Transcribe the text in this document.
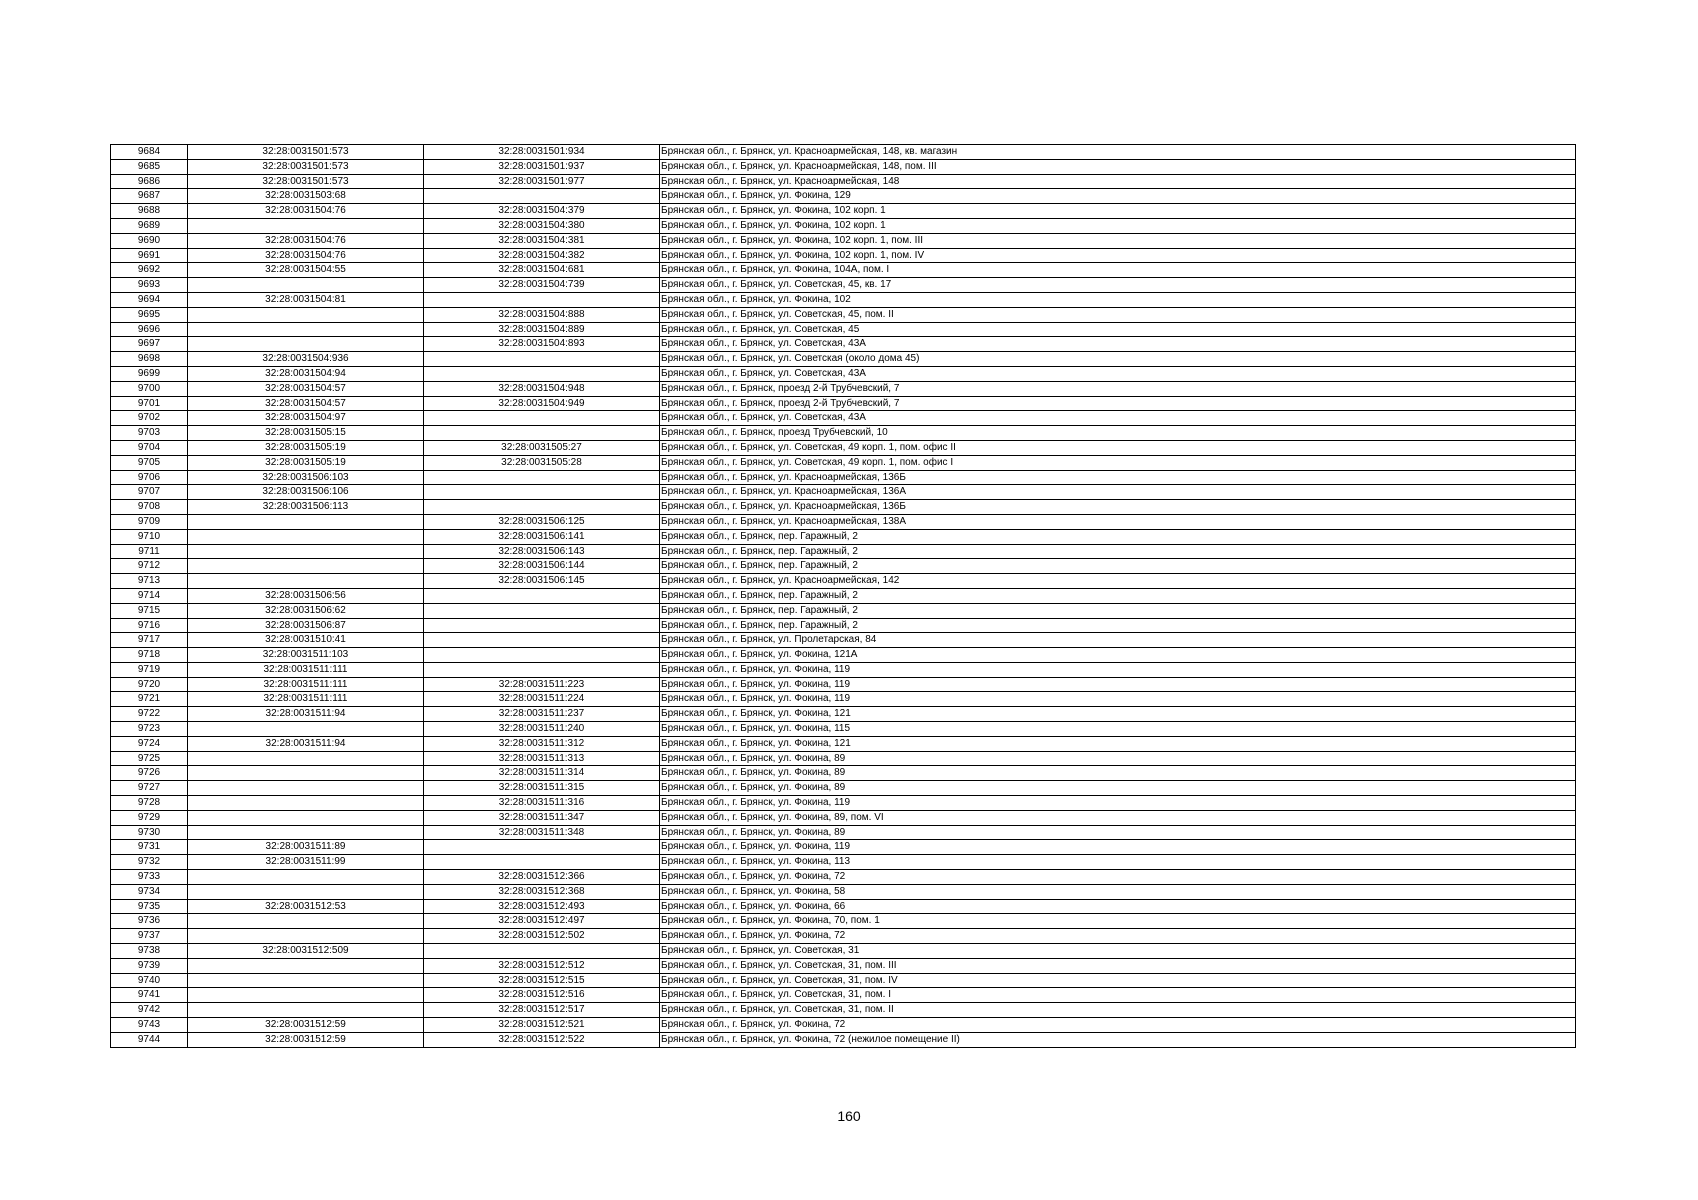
9684	32:28:0031501:573	32:28:0031501:934	Брянская обл., г. Брянск, ул. Красноармейская, 148, кв. магазин
9685	32:28:0031501:573	32:28:0031501:937	Брянская обл., г. Брянск, ул. Красноармейская, 148, пом. III
9686	32:28:0031501:573	32:28:0031501:977	Брянская обл., г. Брянск, ул. Красноармейская, 148
9687	32:28:0031503:68		Брянская обл., г. Брянск, ул. Фокина, 129
9688	32:28:0031504:76	32:28:0031504:379	Брянская обл., г. Брянск, ул. Фокина, 102 корп. 1
9689		32:28:0031504:380	Брянская обл., г. Брянск, ул. Фокина, 102 корп. 1
9690	32:28:0031504:76	32:28:0031504:381	Брянская обл., г. Брянск, ул. Фокина, 102 корп. 1, пом. III
9691	32:28:0031504:76	32:28:0031504:382	Брянская обл., г. Брянск, ул. Фокина, 102 корп. 1, пом. IV
9692	32:28:0031504:55	32:28:0031504:681	Брянская обл., г. Брянск, ул. Фокина, 104А, пом. I
9693		32:28:0031504:739	Брянская обл., г. Брянск, ул. Советская, 45, кв. 17
9694	32:28:0031504:81		Брянская обл., г. Брянск, ул. Фокина, 102
9695		32:28:0031504:888	Брянская обл., г. Брянск, ул. Советская, 45, пом. II
9696		32:28:0031504:889	Брянская обл., г. Брянск, ул. Советская, 45
9697		32:28:0031504:893	Брянская обл., г. Брянск, ул. Советская, 43А
9698	32:28:0031504:936		Брянская обл., г. Брянск, ул. Советская (около дома 45)
9699	32:28:0031504:94		Брянская обл., г. Брянск, ул. Советская, 43А
9700	32:28:0031504:57	32:28:0031504:948	Брянская обл., г. Брянск, проезд 2-й Трубчевский, 7
9701	32:28:0031504:57	32:28:0031504:949	Брянская обл., г. Брянск, проезд 2-й Трубчевский, 7
9702	32:28:0031504:97		Брянская обл., г. Брянск, ул. Советская, 43А
9703	32:28:0031505:15		Брянская обл., г. Брянск, проезд Трубчевский, 10
9704	32:28:0031505:19	32:28:0031505:27	Брянская обл., г. Брянск, ул. Советская, 49 корп. 1, пом. офис II
9705	32:28:0031505:19	32:28:0031505:28	Брянская обл., г. Брянск, ул. Советская, 49 корп. 1, пом. офис I
9706	32:28:0031506:103		Брянская обл., г. Брянск, ул. Красноармейская, 136Б
9707	32:28:0031506:106		Брянская обл., г. Брянск, ул. Красноармейская, 136А
9708	32:28:0031506:113		Брянская обл., г. Брянск, ул. Красноармейская, 136Б
9709		32:28:0031506:125	Брянская обл., г. Брянск, ул. Красноармейская, 138А
9710		32:28:0031506:141	Брянская обл., г. Брянск, пер. Гаражный, 2
9711		32:28:0031506:143	Брянская обл., г. Брянск, пер. Гаражный, 2
9712		32:28:0031506:144	Брянская обл., г. Брянск, пер. Гаражный, 2
9713		32:28:0031506:145	Брянская обл., г. Брянск, ул. Красноармейская, 142
9714	32:28:0031506:56		Брянская обл., г. Брянск, пер. Гаражный, 2
9715	32:28:0031506:62		Брянская обл., г. Брянск, пер. Гаражный, 2
9716	32:28:0031506:87		Брянская обл., г. Брянск, пер. Гаражный, 2
9717	32:28:0031510:41		Брянская обл., г. Брянск, ул. Пролетарская, 84
9718	32:28:0031511:103		Брянская обл., г. Брянск, ул. Фокина, 121А
9719	32:28:0031511:111		Брянская обл., г. Брянск, ул. Фокина, 119
9720	32:28:0031511:111	32:28:0031511:223	Брянская обл., г. Брянск, ул. Фокина, 119
9721	32:28:0031511:111	32:28:0031511:224	Брянская обл., г. Брянск, ул. Фокина, 119
9722	32:28:0031511:94	32:28:0031511:237	Брянская обл., г. Брянск, ул. Фокина, 121
9723		32:28:0031511:240	Брянская обл., г. Брянск, ул. Фокина, 115
9724	32:28:0031511:94	32:28:0031511:312	Брянская обл., г. Брянск, ул. Фокина, 121
9725		32:28:0031511:313	Брянская обл., г. Брянск, ул. Фокина, 89
9726		32:28:0031511:314	Брянская обл., г. Брянск, ул. Фокина, 89
9727		32:28:0031511:315	Брянская обл., г. Брянск, ул. Фокина, 89
9728		32:28:0031511:316	Брянская обл., г. Брянск, ул. Фокина, 119
9729		32:28:0031511:347	Брянская обл., г. Брянск, ул. Фокина, 89, пом. VI
9730		32:28:0031511:348	Брянская обл., г. Брянск, ул. Фокина, 89
9731	32:28:0031511:89		Брянская обл., г. Брянск, ул. Фокина, 119
9732	32:28:0031511:99		Брянская обл., г. Брянск, ул. Фокина, 113
9733		32:28:0031512:366	Брянская обл., г. Брянск, ул. Фокина, 72
9734		32:28:0031512:368	Брянская обл., г. Брянск, ул. Фокина, 58
9735	32:28:0031512:53	32:28:0031512:493	Брянская обл., г. Брянск, ул. Фокина, 66
9736		32:28:0031512:497	Брянская обл., г. Брянск, ул. Фокина, 70, пом. 1
9737		32:28:0031512:502	Брянская обл., г. Брянск, ул. Фокина, 72
9738	32:28:0031512:509		Брянская обл., г. Брянск, ул. Советская, 31
9739		32:28:0031512:512	Брянская обл., г. Брянск, ул. Советская, 31, пом. III
9740		32:28:0031512:515	Брянская обл., г. Брянск, ул. Советская, 31, пом. IV
9741		32:28:0031512:516	Брянская обл., г. Брянск, ул. Советская, 31, пом. I
9742		32:28:0031512:517	Брянская обл., г. Брянск, ул. Советская, 31, пом. II
9743	32:28:0031512:59	32:28:0031512:521	Брянская обл., г. Брянск, ул. Фокина, 72
9744	32:28:0031512:59	32:28:0031512:522	Брянская обл., г. Брянск, ул. Фокина, 72 (нежилое помещение II)
160
